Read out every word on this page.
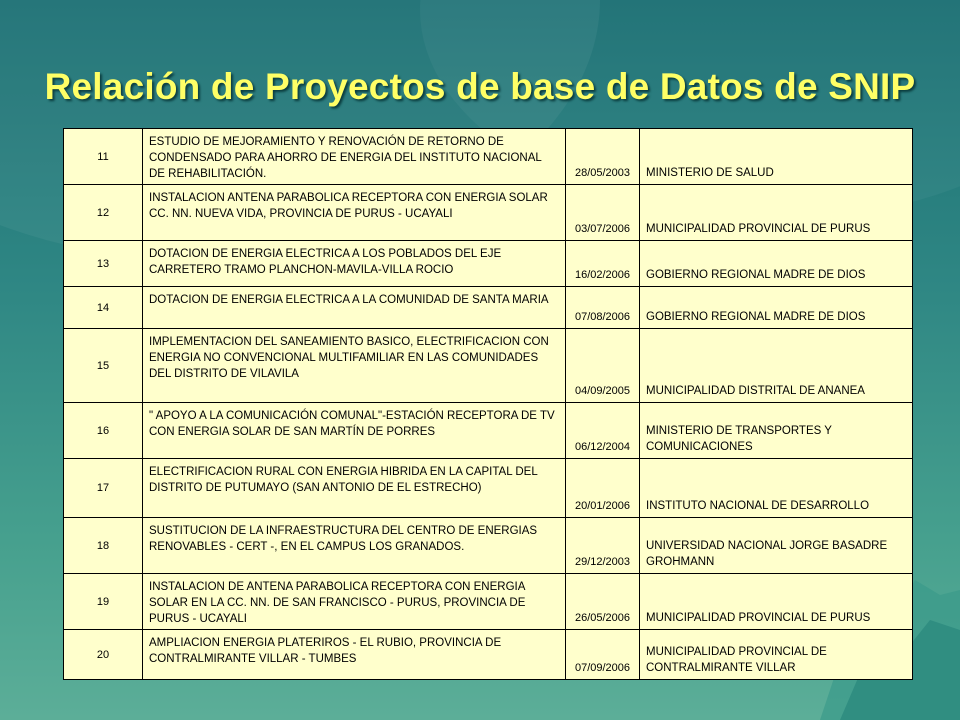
Relación de Proyectos de base de Datos de SNIP
11	ESTUDIO DE MEJORAMIENTO Y RENOVACIÓN DE RETORNO DE CONDENSADO PARA AHORRO DE ENERGIA DEL INSTITUTO NACIONAL DE REHABILITACIÓN.	28/05/2003	MINISTERIO DE SALUD
12	INSTALACION ANTENA PARABOLICA RECEPTORA CON ENERGIA SOLAR CC. NN. NUEVA VIDA, PROVINCIA DE PURUS - UCAYALI	03/07/2006	MUNICIPALIDAD PROVINCIAL DE PURUS
13	DOTACION DE ENERGIA ELECTRICA A LOS POBLADOS DEL EJE CARRETERO TRAMO PLANCHON-MAVILA-VILLA ROCIO	16/02/2006	GOBIERNO REGIONAL MADRE DE DIOS
14	DOTACION DE ENERGIA ELECTRICA A LA COMUNIDAD DE SANTA MARIA	07/08/2006	GOBIERNO REGIONAL MADRE DE DIOS
15	IMPLEMENTACION DEL SANEAMIENTO BASICO, ELECTRIFICACION CON ENERGIA NO CONVENCIONAL MULTIFAMILIAR EN LAS COMUNIDADES DEL DISTRITO DE VILAVILA	04/09/2005	MUNICIPALIDAD DISTRITAL DE ANANEA
16	" APOYO A LA COMUNICACIÓN COMUNAL"-ESTACIÓN RECEPTORA DE TV CON ENERGIA SOLAR DE SAN MARTÍN DE PORRES	06/12/2004	MINISTERIO DE TRANSPORTES Y COMUNICACIONES
17	ELECTRIFICACION RURAL CON ENERGIA HIBRIDA EN LA CAPITAL DEL DISTRITO DE PUTUMAYO (SAN ANTONIO DE EL ESTRECHO)	20/01/2006	INSTITUTO NACIONAL DE DESARROLLO
18	SUSTITUCION DE LA INFRAESTRUCTURA DEL CENTRO DE ENERGIAS RENOVABLES - CERT -, EN EL CAMPUS LOS GRANADOS.	29/12/2003	UNIVERSIDAD NACIONAL JORGE BASADRE GROHMANN
19	INSTALACION DE ANTENA PARABOLICA RECEPTORA CON ENERGIA SOLAR EN LA CC. NN. DE SAN FRANCISCO - PURUS, PROVINCIA DE PURUS - UCAYALI	26/05/2006	MUNICIPALIDAD PROVINCIAL DE PURUS
20	AMPLIACION ENERGIA PLATERIROS - EL RUBIO, PROVINCIA DE CONTRALMIRANTE VILLAR - TUMBES	07/09/2006	MUNICIPALIDAD PROVINCIAL DE CONTRALMIRANTE VILLAR
